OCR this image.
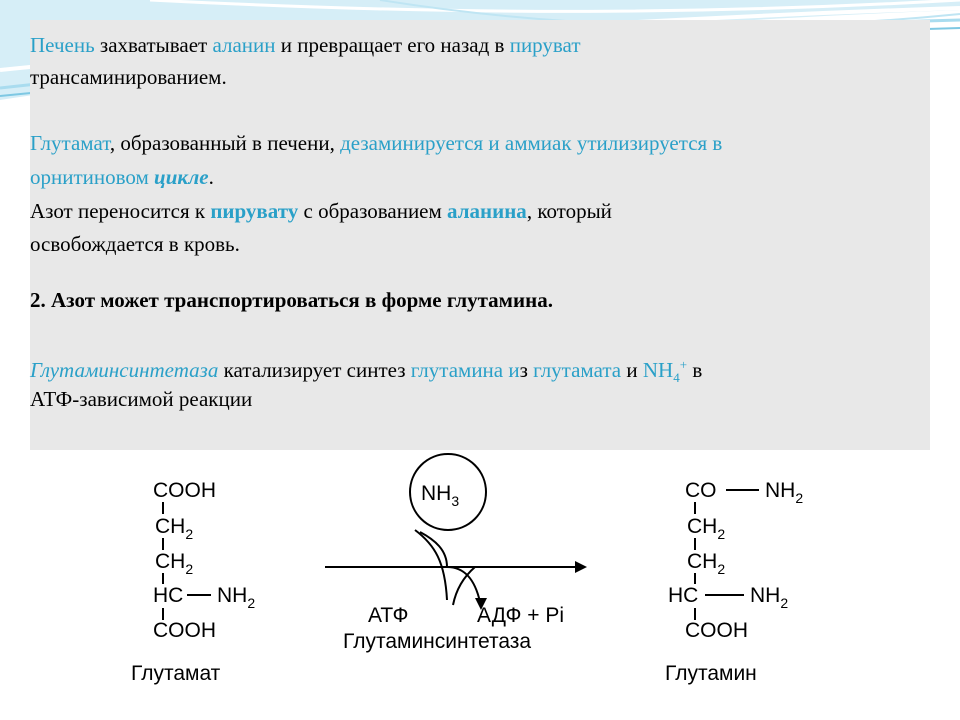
Печень захватывает аланин и превращает его назад в пируват

трансаминированием.

Глутамат, образованный в печени, дезаминируется и аммиак утилизируется в

орнитиновом цикле.

Азот переносится к пирувату с образованием аланина, который

освобождается в кровь.

2. Азот может транспортироваться в форме глутамина.

Глутаминсинтетаза катализирует синтез глутамина из глутамата и $NH_4^+$ в

АТФ-зависимой реакции

COOH
$CH_2$
$CH_2$
HC $NH_2$
COOH
Глутамат
$NH_3$
АТФ	АДФ + Pi
Глутаминсинтетаза
CO $NH_2$
$CH_2$
$CH_2$
HC $NH_2$
COOH
Глутамин
